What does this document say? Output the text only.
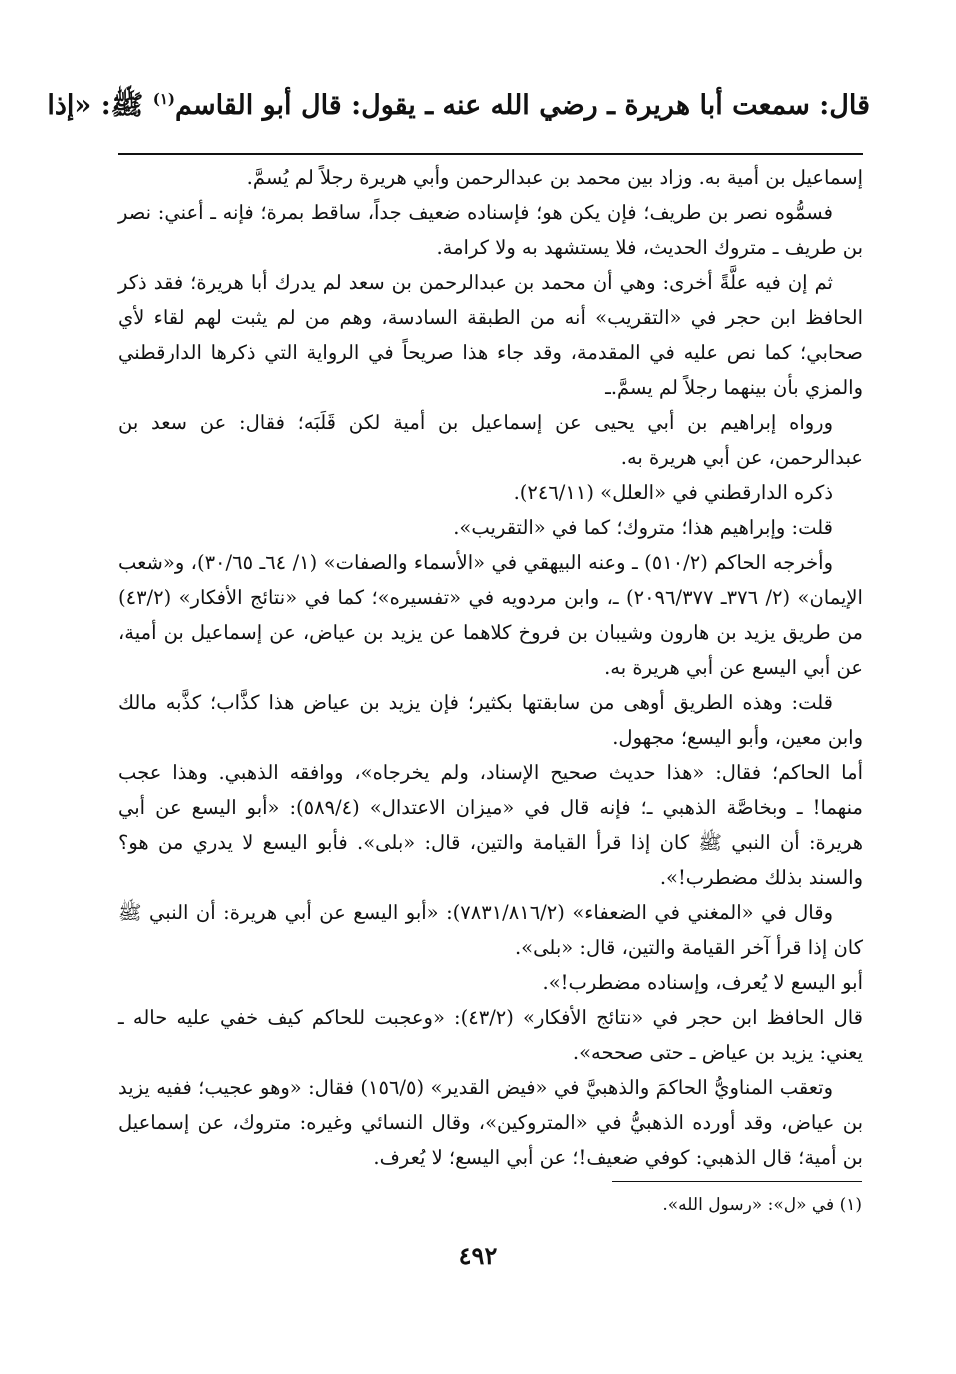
قال: سمعت أبا هريرة ـ رضي الله عنه ـ يقول: قال أبو القاسم$^{(١)}$ ﷺ: «إذا

إسماعيل بن أمية به. وزاد بين محمد بن عبدالرحمن وأبي هريرة رجلاً لم يُسمَّ.

فسمُّوه نصر بن طريف؛ فإن يكن هو؛ فإسناده ضعيف جداً، ساقط بمرة؛ فإنه ـ أعني: نصر بن طريف ـ متروك الحديث، فلا يستشهد به ولا كرامة.

ثم إن فيه علَّةً أخرى: وهي أن محمد بن عبدالرحمن بن سعد لم يدرك أبا هريرة؛ فقد ذكر الحافظ ابن حجر في «التقريب» أنه من الطبقة السادسة، وهم من لم يثبت لهم لقاء لأي صحابي؛ كما نص عليه في المقدمة، وقد جاء هذا صريحاً في الرواية التي ذكرها الدارقطني والمزي بأن بينهما رجلاً لم يسمَّ.ـ

ورواه إبراهيم بن أبي يحيى عن إسماعيل بن أمية لكن قَلَبَه؛ فقال: عن سعد بن عبدالرحمن، عن أبي هريرة به.

ذكره الدارقطني في «العلل» (٢٤٦/١١).

قلت: وإبراهيم هذا؛ متروك؛ كما في «التقريب».

وأخرجه الحاكم (٥١٠/٢) ـ وعنه البيهقي في «الأسماء والصفات» (١/ ٦٤ـ ٣٠/٦٥)، و«شعب الإيمان» (٢/ ٣٧٦ـ ٢٠٩٦/٣٧٧) ـ، وابن مردويه في «تفسيره»؛ كما في «نتائج الأفكار» (٤٣/٢) من طريق يزيد بن هارون وشيبان بن فروخ كلاهما عن يزيد بن عياض، عن إسماعيل بن أمية، عن أبي اليسع عن أبي هريرة به.

قلت: وهذه الطريق أوهى من سابقتها بكثير؛ فإن يزيد بن عياض هذا كذَّاب؛ كذَّبه مالك وابن معين، وأبو اليسع؛ مجهول.

أما الحاكم؛ فقال: «هذا حديث صحيح الإسناد، ولم يخرجاه»، ووافقه الذهبي. وهذا عجب منهما! ـ وبخاصَّة الذهبي ـ؛ فإنه قال في «ميزان الاعتدال» (٥٨٩/٤): «أبو اليسع عن أبي هريرة: أن النبي ﷺ كان إذا قرأ القيامة والتين، قال: «بلى». فأبو اليسع لا يدري من هو؟ والسند بذلك مضطرب!».

وقال في «المغني في الضعفاء» (٧٨٣١/٨١٦/٢): «أبو اليسع عن أبي هريرة: أن النبي ﷺ كان إذا قرأ آخر القيامة والتين، قال: «بلى».

أبو اليسع لا يُعرف، وإسناده مضطرب!».

قال الحافظ ابن حجر في «نتائج الأفكار» (٤٣/٢): «وعجبت للحاكم كيف خفي عليه حاله ـ يعني: يزيد بن عياض ـ حتى صححه».

وتعقب المناويُّ الحاكمَ والذهبيَّ في «فيض القدير» (١٥٦/٥) فقال: «وهو عجيب؛ ففيه يزيد بن عياض، وقد أورده الذهبيُّ في «المتروكين»، وقال النسائي وغيره: متروك، عن إسماعيل بن أمية؛ قال الذهبي: كوفي ضعيف!؛ عن أبي اليسع؛ لا يُعرف.

(١) في «ل»: «رسول الله».
٤٩٢
